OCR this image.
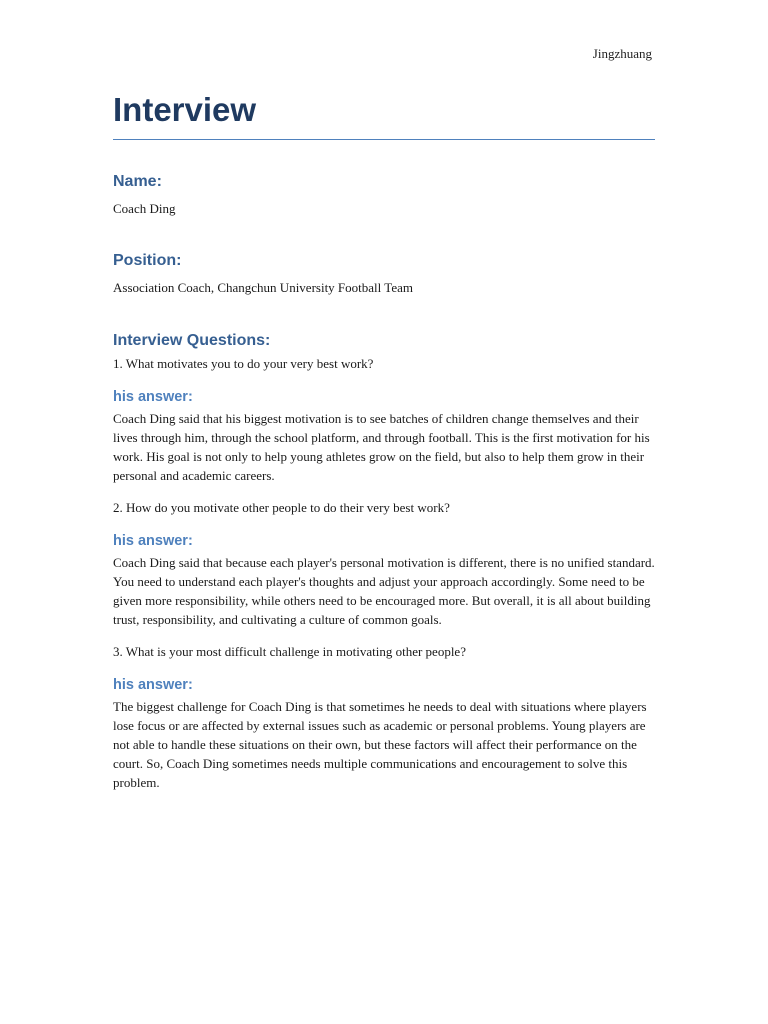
Jingzhuang
Interview
Name:

Coach Ding

Position:

Association Coach, Changchun University Football Team

Interview Questions:

1. What motivates you to do your very best work?

his answer:

Coach Ding said that his biggest motivation is to see batches of children change themselves and their lives through him, through the school platform, and through football. This is the first motivation for his work. His goal is not only to help young athletes grow on the field, but also to help them grow in their personal and academic careers.

2. How do you motivate other people to do their very best work?

his answer:

Coach Ding said that because each player's personal motivation is different, there is no unified standard. You need to understand each player's thoughts and adjust your approach accordingly. Some need to be given more responsibility, while others need to be encouraged more. But overall, it is all about building trust, responsibility, and cultivating a culture of common goals.

3. What is your most difficult challenge in motivating other people?

his answer:

The biggest challenge for Coach Ding is that sometimes he needs to deal with situations where players lose focus or are affected by external issues such as academic or personal problems. Young players are not able to handle these situations on their own, but these factors will affect their performance on the court. So, Coach Ding sometimes needs multiple communications and encouragement to solve this problem.
